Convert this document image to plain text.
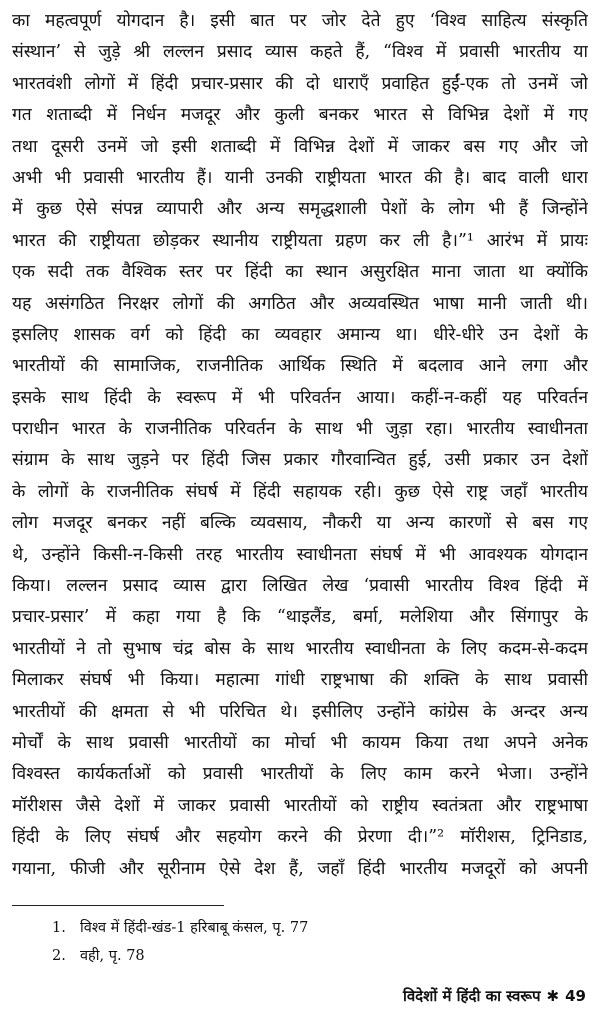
का महत्वपूर्ण योगदान है। इसी बात पर जोर देते हुए ‘विश्व साहित्य संस्कृति
संस्थान’ से जुड़े श्री लल्लन प्रसाद व्यास कहते हैं, “विश्व में प्रवासी भारतीय या
भारतवंशी लोगों में हिंदी प्रचार-प्रसार की दो धाराएँ प्रवाहित हुईं-एक तो उनमें जो
गत शताब्दी में निर्धन मजदूर और कुली बनकर भारत से विभिन्न देशों में गए
तथा दूसरी उनमें जो इसी शताब्दी में विभिन्न देशों में जाकर बस गए और जो
अभी भी प्रवासी भारतीय हैं। यानी उनकी राष्ट्रीयता भारत की है। बाद वाली धारा
में कुछ ऐसे संपन्न व्यापारी और अन्य समृद्धशाली पेशों के लोग भी हैं जिन्होंने
भारत की राष्ट्रीयता छोड़कर स्थानीय राष्ट्रीयता ग्रहण कर ली है।”¹ आरंभ में प्रायः
एक सदी तक वैश्विक स्तर पर हिंदी का स्थान असुरक्षित माना जाता था क्योंकि
यह असंगठित निरक्षर लोगों की अगठित और अव्यवस्थित भाषा मानी जाती थी।
इसलिए शासक वर्ग को हिंदी का व्यवहार अमान्य था। धीरे-धीरे उन देशों के
भारतीयों की सामाजिक, राजनीतिक आर्थिक स्थिति में बदलाव आने लगा और
इसके साथ हिंदी के स्वरूप में भी परिवर्तन आया। कहीं-न-कहीं यह परिवर्तन
पराधीन भारत के राजनीतिक परिवर्तन के साथ भी जुड़ा रहा। भारतीय स्वाधीनता
संग्राम के साथ जुड़ने पर हिंदी जिस प्रकार गौरवान्वित हुई, उसी प्रकार उन देशों
के लोगों के राजनीतिक संघर्ष में हिंदी सहायक रही। कुछ ऐसे राष्ट्र जहाँ भारतीय
लोग मजदूर बनकर नहीं बल्कि व्यवसाय, नौकरी या अन्य कारणों से बस गए
थे, उन्होंने किसी-न-किसी तरह भारतीय स्वाधीनता संघर्ष में भी आवश्यक योगदान
किया। लल्लन प्रसाद व्यास द्वारा लिखित लेख ‘प्रवासी भारतीय विश्व हिंदी में
प्रचार-प्रसार’ में कहा गया है कि “थाइलैंड, बर्मा, मलेशिया और सिंगापुर के
भारतीयों ने तो सुभाष चंद्र बोस के साथ भारतीय स्वाधीनता के लिए कदम-से-कदम
मिलाकर संघर्ष भी किया। महात्मा गांधी राष्ट्रभाषा की शक्ति के साथ प्रवासी
भारतीयों की क्षमता से भी परिचित थे। इसीलिए उन्होंने कांग्रेस के अन्दर अन्य
मोर्चों के साथ प्रवासी भारतीयों का मोर्चा भी कायम किया तथा अपने अनेक
विश्वस्त कार्यकर्ताओं को प्रवासी भारतीयों के लिए काम करने भेजा। उन्होंने
मॉरीशस जैसे देशों में जाकर प्रवासी भारतीयों को राष्ट्रीय स्वतंत्रता और राष्ट्रभाषा
हिंदी के लिए संघर्ष और सहयोग करने की प्रेरणा दी।”² मॉरीशस, ट्रिनिडाड,
गयाना, फीजी और सूरीनाम ऐसे देश हैं, जहाँ हिंदी भारतीय मजदूरों को अपनी
1. विश्व में हिंदी-खंड-1 हरिबाबू कंसल, पृ. 77
2. वही, पृ. 78
विदेशों में हिंदी का स्वरूप ✱ 49
